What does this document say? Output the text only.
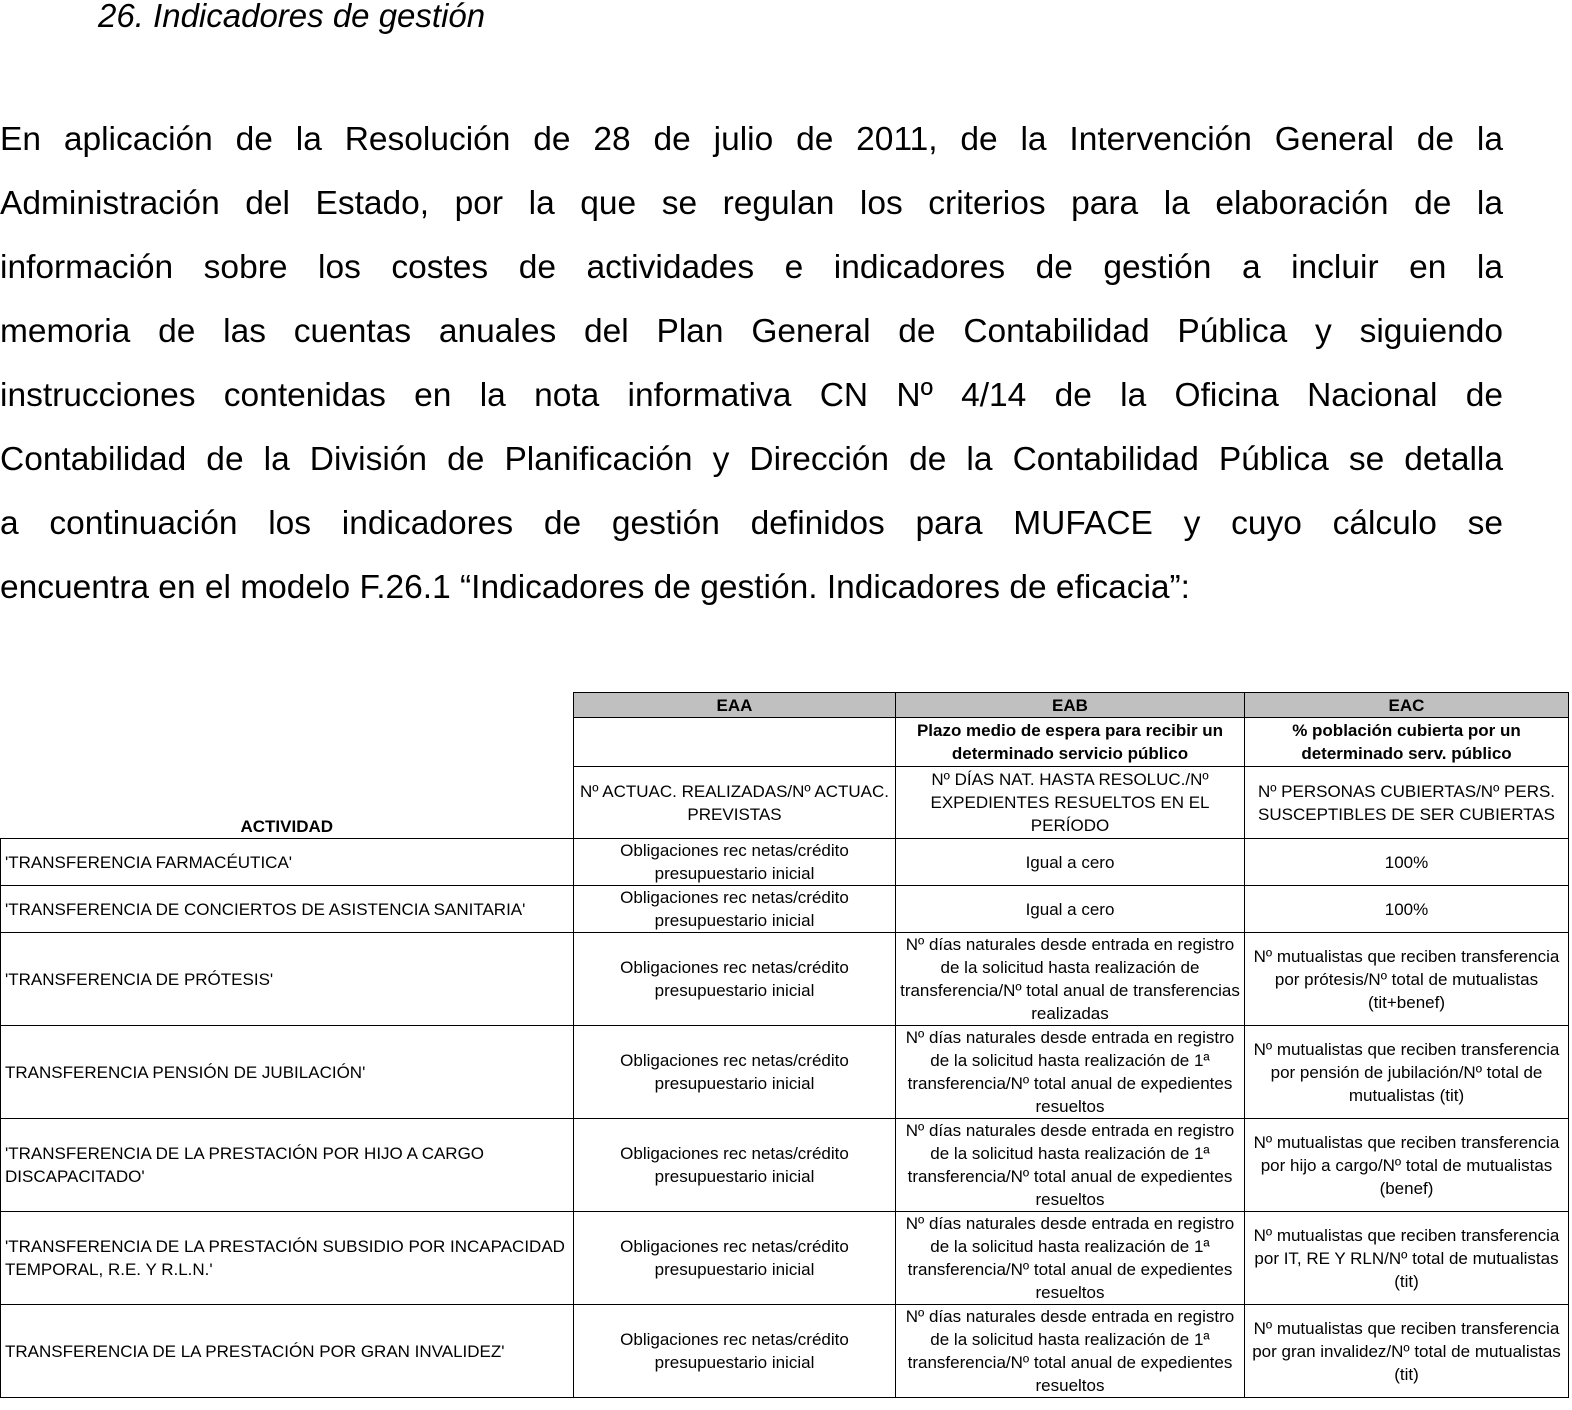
26. Indicadores de gestión

En aplicación de la Resolución de 28 de julio de 2011, de la Intervención General de la
Administración del Estado, por la que se regulan los criterios para la elaboración de la
información sobre los costes de actividades e indicadores de gestión a incluir en la
memoria de las cuentas anuales del Plan General de Contabilidad Pública y siguiendo
instrucciones contenidas en la nota informativa CN Nº 4/14 de la Oficina Nacional de
Contabilidad de la División de Planificación y Dirección de la Contabilidad Pública se detalla
a continuación los indicadores de gestión definidos para MUFACE y cuyo cálculo se
encuentra en el modelo F.26.1 “Indicadores de gestión. Indicadores de eficacia”:

	EAA	EAB	EAC
		Plazo medio de espera para recibir un determinado servicio público	% población cubierta por un determinado serv. público
ACTIVIDAD	Nº ACTUAC. REALIZADAS/Nº ACTUAC. PREVISTAS	Nº DÍAS NAT. HASTA RESOLUC./Nº EXPEDIENTES RESUELTOS EN EL PERÍODO	Nº PERSONAS CUBIERTAS/Nº PERS. SUSCEPTIBLES DE SER CUBIERTAS
'TRANSFERENCIA FARMACÉUTICA'	Obligaciones rec netas/crédito presupuestario inicial	Igual a cero	100%
'TRANSFERENCIA DE CONCIERTOS DE ASISTENCIA SANITARIA'	Obligaciones rec netas/crédito presupuestario inicial	Igual a cero	100%
'TRANSFERENCIA DE PRÓTESIS'	Obligaciones rec netas/crédito presupuestario inicial	Nº días naturales desde entrada en registro de la solicitud hasta realización de transferencia/Nº total anual de transferencias realizadas	Nº mutualistas que reciben transferencia por prótesis/Nº total de mutualistas (tit+benef)
TRANSFERENCIA PENSIÓN DE JUBILACIÓN'	Obligaciones rec netas/crédito presupuestario inicial	Nº días naturales desde entrada en registro de la solicitud hasta realización de 1ª transferencia/Nº total anual de expedientes resueltos	Nº mutualistas que reciben transferencia por pensión de jubilación/Nº total de mutualistas (tit)
'TRANSFERENCIA DE LA PRESTACIÓN POR HIJO A CARGO DISCAPACITADO'	Obligaciones rec netas/crédito presupuestario inicial	Nº días naturales desde entrada en registro de la solicitud hasta realización de 1ª transferencia/Nº total anual de expedientes resueltos	Nº mutualistas que reciben transferencia por hijo a cargo/Nº total de mutualistas (benef)
'TRANSFERENCIA DE LA PRESTACIÓN SUBSIDIO POR INCAPACIDAD TEMPORAL, R.E. Y R.L.N.'	Obligaciones rec netas/crédito presupuestario inicial	Nº días naturales desde entrada en registro de la solicitud hasta realización de 1ª transferencia/Nº total anual de expedientes resueltos	Nº mutualistas que reciben transferencia por IT, RE Y RLN/Nº total de mutualistas (tit)
TRANSFERENCIA DE LA PRESTACIÓN POR GRAN INVALIDEZ'	Obligaciones rec netas/crédito presupuestario inicial	Nº días naturales desde entrada en registro de la solicitud hasta realización de 1ª transferencia/Nº total anual de expedientes resueltos	Nº mutualistas que reciben transferencia por gran invalidez/Nº total de mutualistas (tit)
